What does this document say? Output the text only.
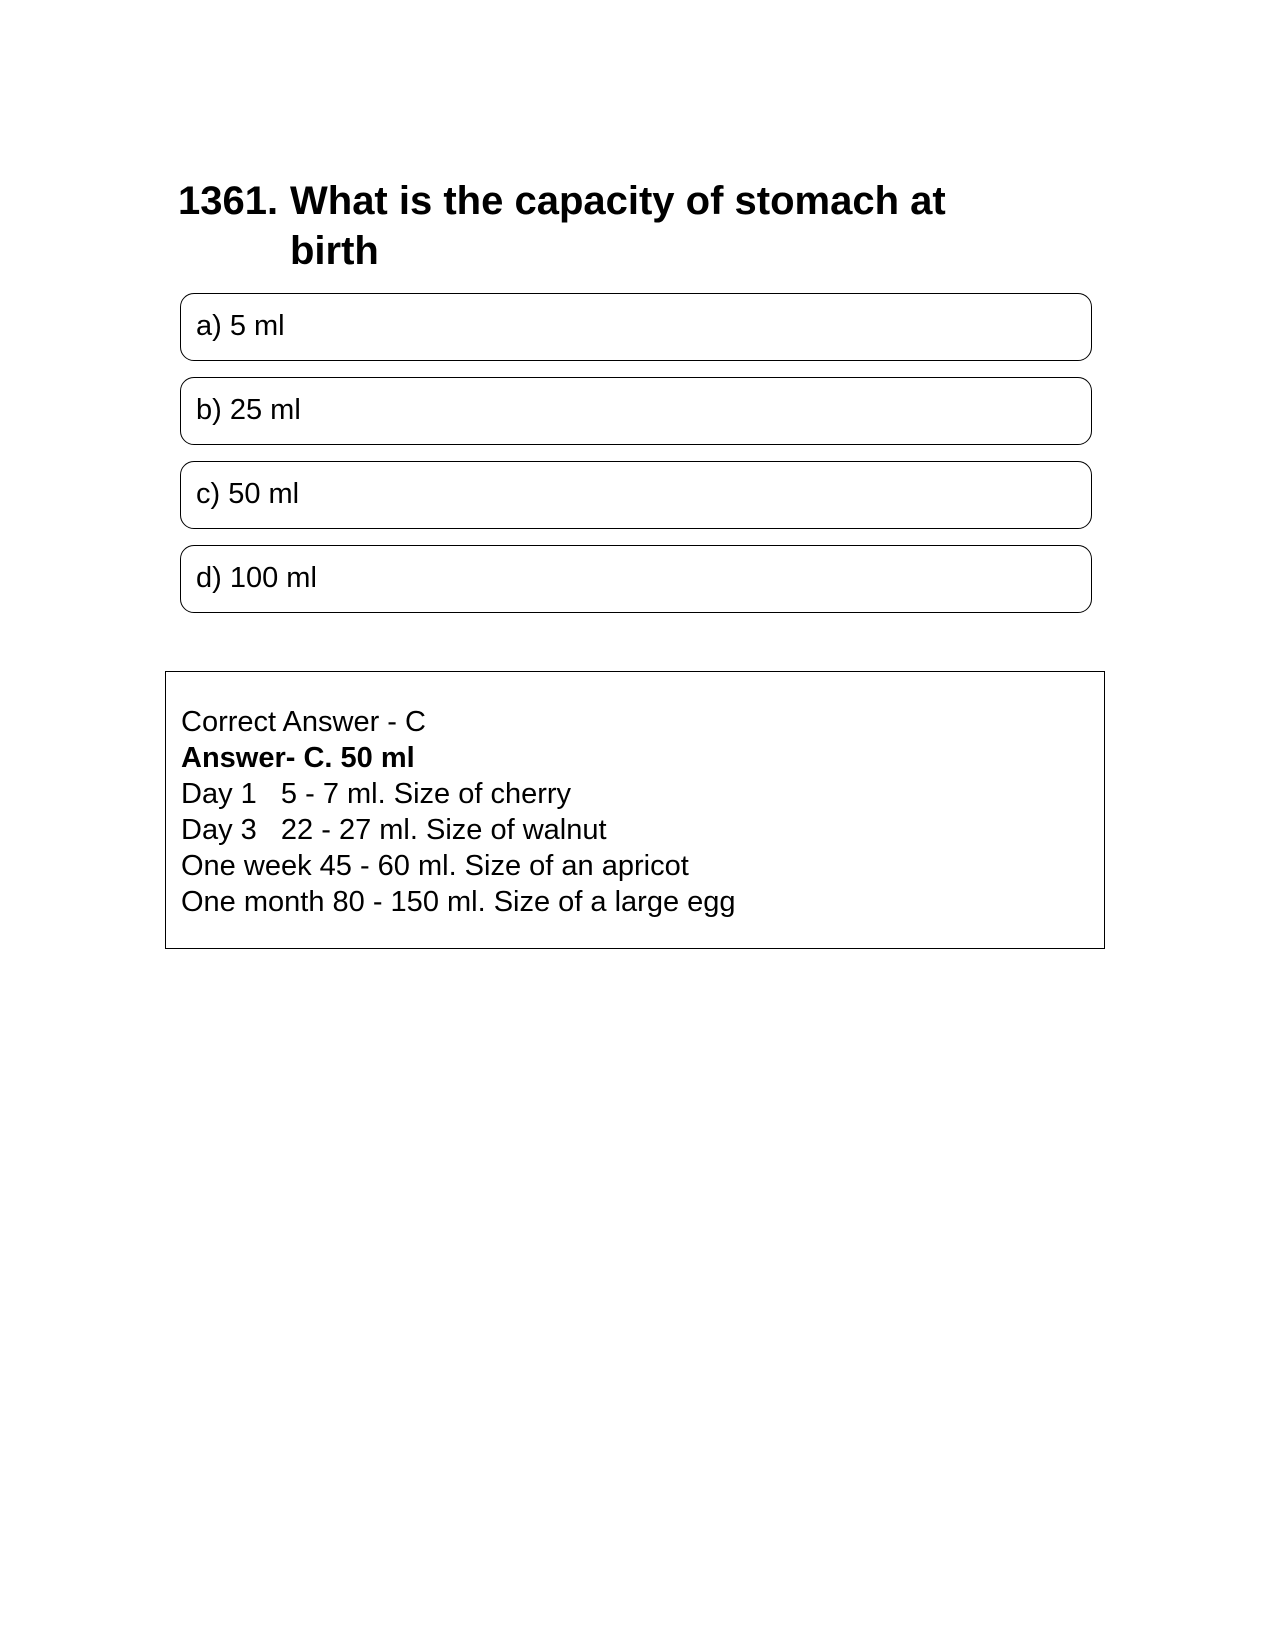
1361. What is the capacity of stomach at birth
a) 5 ml
b) 25 ml
c) 50 ml
d) 100 ml
Correct Answer - C
Answer- C. 50 ml
Day 1   5 - 7 ml. Size of cherry
Day 3   22 - 27 ml. Size of walnut
One week 45 - 60 ml. Size of an apricot
One month 80 - 150 ml. Size of a large egg
